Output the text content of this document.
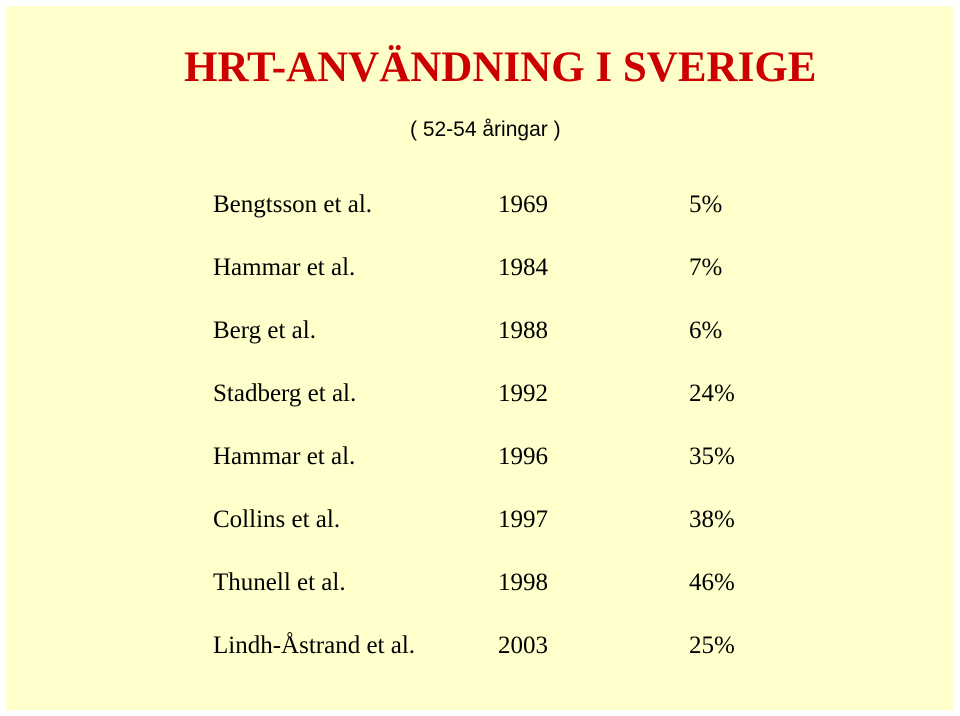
HRT-ANVÄNDNING I SVERIGE
( 52-54 åringar )
Bengtsson et al.	1969	5%
Hammar et al.	1984	7%
Berg et al.	1988	6%
Stadberg et al.	1992	24%
Hammar et al.	1996	35%
Collins et al.	1997	38%
Thunell et al.	1998	46%
Lindh-Åstrand et al.	2003	25%
